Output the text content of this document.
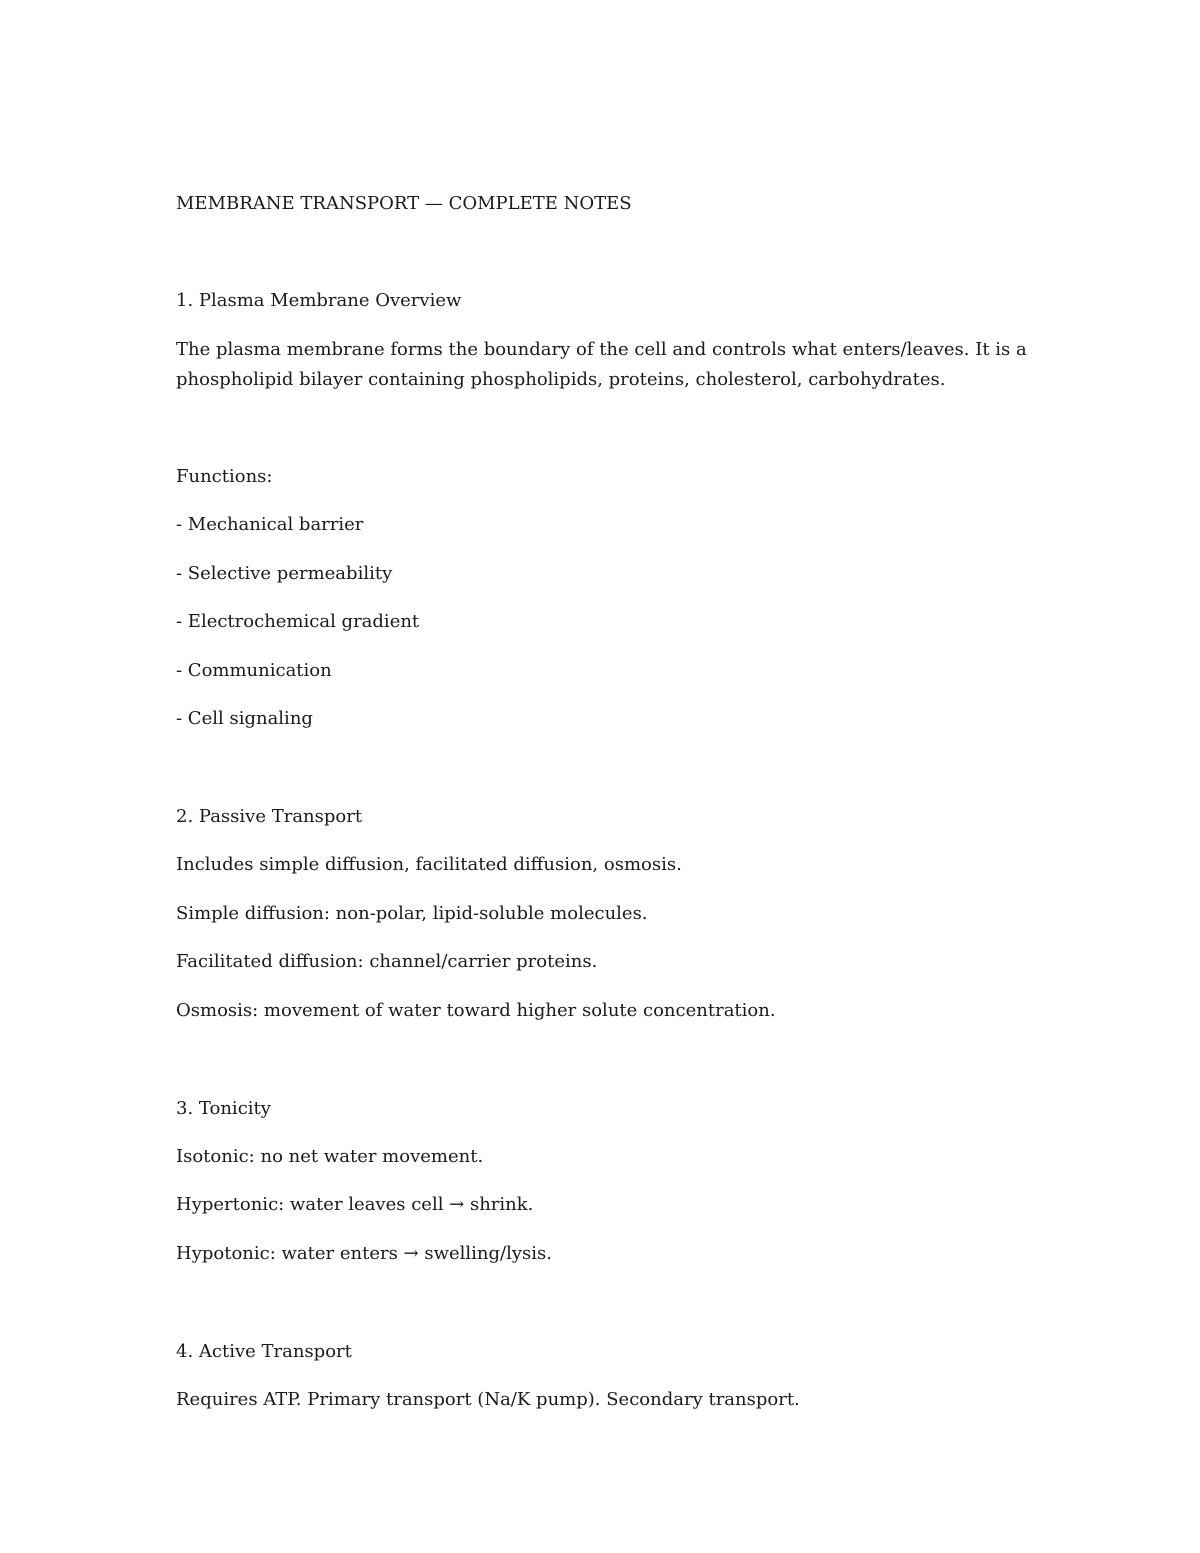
MEMBRANE TRANSPORT — COMPLETE NOTES
1. Plasma Membrane Overview
The plasma membrane forms the boundary of the cell and controls what enters/leaves. It is a phospholipid bilayer containing phospholipids, proteins, cholesterol, carbohydrates.
Functions:
- Mechanical barrier
- Selective permeability
- Electrochemical gradient
- Communication
- Cell signaling
2. Passive Transport
Includes simple diffusion, facilitated diffusion, osmosis.
Simple diffusion: non-polar, lipid-soluble molecules.
Facilitated diffusion: channel/carrier proteins.
Osmosis: movement of water toward higher solute concentration.
3. Tonicity
Isotonic: no net water movement.
Hypertonic: water leaves cell → shrink.
Hypotonic: water enters → swelling/lysis.
4. Active Transport
Requires ATP. Primary transport (Na/K pump). Secondary transport.
